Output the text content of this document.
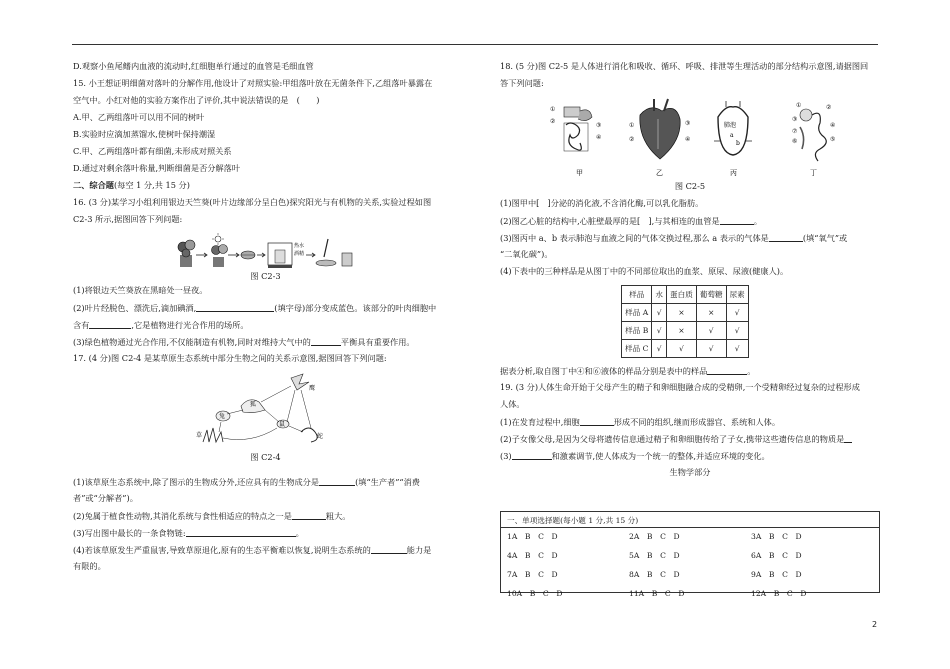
D.观察小鱼尾鳍内血液的流动时,红细胞单行通过的血管是毛细血管
15. 小王想证明细菌对落叶的分解作用,他设计了对照实验:甲组落叶放在无菌条件下,乙组落叶暴露在
空气中。小红对他的实验方案作出了评价,其中说法错误的是　(　　)
A.甲、乙两组落叶可以用不同的树叶
B.实验时应滴加蒸馏水,使树叶保持潮湿
C.甲、乙两组落叶都有细菌,未形成对照关系
D.通过对剩余落叶称量,判断细菌是否分解落叶
二、综合题(每空 1 分,共 15 分)
16. (3 分)某学习小组利用银边天竺葵(叶片边缘部分呈白色)探究阳光与有机物的关系,实验过程如图
C2-3 所示,据图回答下列问题:
热水
酒精
图 C2-3
(1)将银边天竺葵放在黑暗处一昼夜。
(2)叶片经脱色、漂洗后,滴加碘酒,	(填字母)部分变成蓝色。该部分的叶肉细胞中
含有	,它是植物进行光合作用的场所。
(3)绿色植物通过光合作用,不仅能制造有机物,同时对维持大气中的	平衡具有重要作用。
17. (4 分)图 C2-4 是某草原生态系统中部分生物之间的关系示意图,据图回答下列问题:
鹰
狐
兔
鼠
蛇
草
图 C2-4
(1)该草原生态系统中,除了图示的生物成分外,还应具有的生物成分是	(填“生产者”“消费
者”或“分解者”)。
(2)兔属于植食性动物,其消化系统与食性相适应的特点之一是	粗大。
(3)写出图中最长的一条食物链:	。
(4)若该草原发生严重鼠害,导致草原退化,原有的生态平衡难以恢复,说明生态系统的	能力是
有限的。
18. (5 分)图 C2-5 是人体进行消化和吸收、循环、呼吸、排泄等生理活动的部分结构示意图,请据图回
答下列问题:
①
②
③
④
甲
①
②
③
④
乙
肺泡
a
b
丙
①	②
③
⑦
⑥
④
⑤
丁
图 C2-5
(1)图甲中[　]分泌的消化液,不含消化酶,可以乳化脂肪。
(2)图乙心脏的结构中,心脏壁最厚的是[　],与其相连的血管是	。
(3)图丙中 a、b 表示肺泡与血液之间的气体交换过程,那么 a 表示的气体是	(填“氧气”或
“二氧化碳”)。
(4)下表中的三种样品是从图丁中的不同部位取出的血浆、原尿、尿液(健康人)。
样品	水	蛋白质	葡萄糖	尿素
样品 A	√	×	×	√
样品 B	√	×	√	√
样品 C	√	√	√	√
据表分析,取自图丁中④和⑥液体的样品分别是表中的样品	。
19. (3 分)人体生命开始于父母产生的精子和卵细胞融合成的受精卵,一个受精卵经过复杂的过程形成
人体。
(1)在发育过程中,细胞	形成不同的组织,继而形成器官、系统和人体。
(2)子女像父母,是因为父母将遗传信息通过精子和卵细胞传给了子女,携带这些遗传信息的物质是
(3)	和激素调节,使人体成为一个统一的整体,并适应环境的变化。
生物学部分
一、单项选择题(每小题 1 分,共 15 分)
1A　B　C　D	2A　B　C　D	3A　B　C　D
4A　B　C　D	5A　B　C　D	6A　B　C　D
7A　B　C　D	8A　B　C　D	9A　B　C　D
10A　B　C　D	11A　B　C　D	12A　B　C　D
2
